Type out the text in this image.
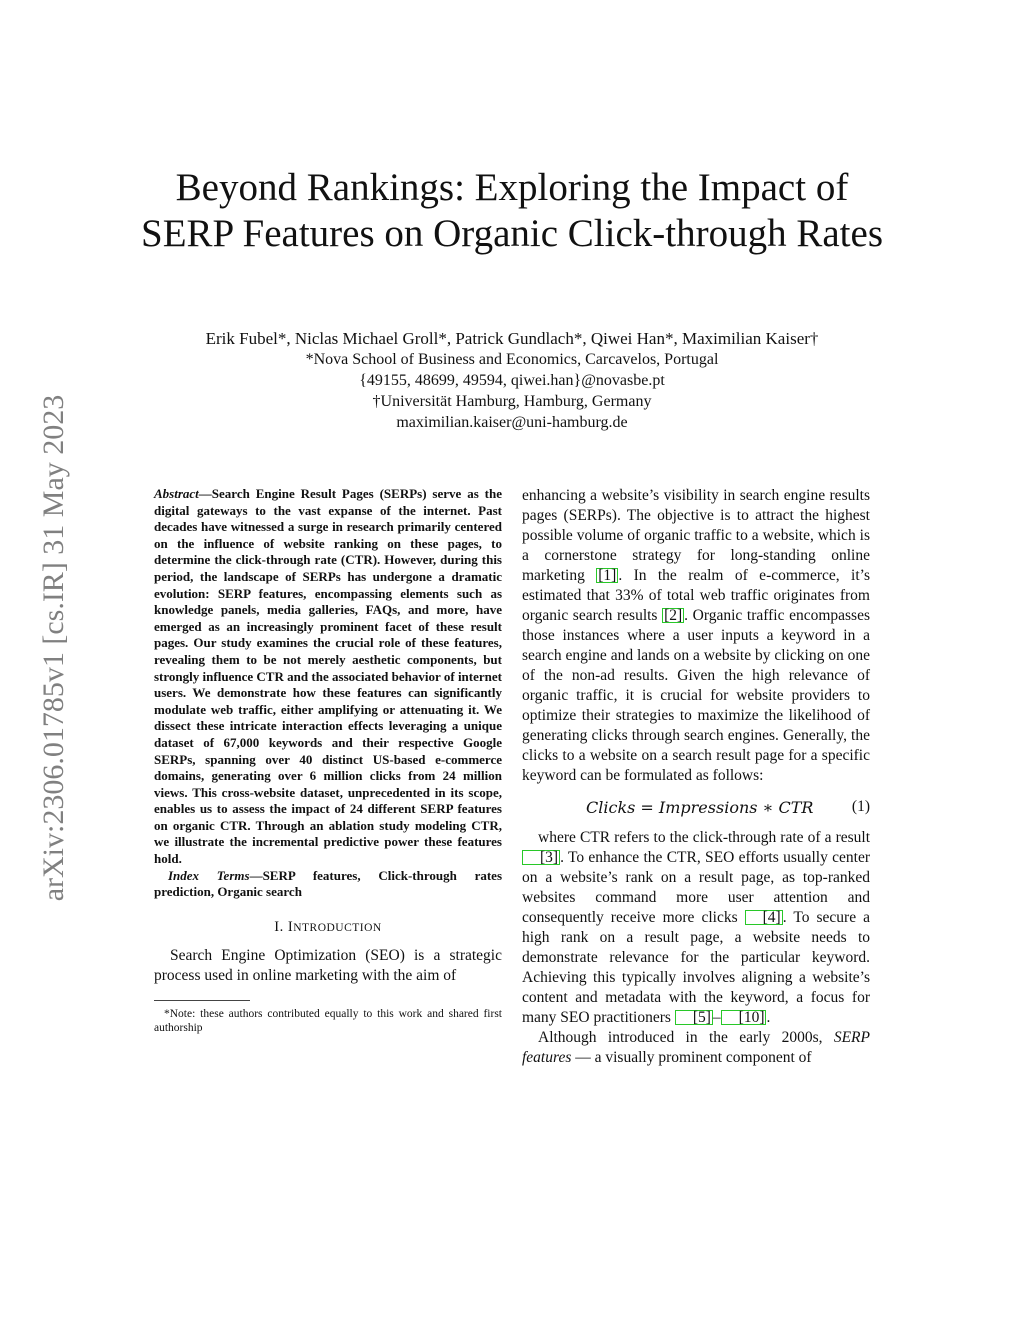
arXiv:2306.01785v1 [cs.IR] 31 May 2023
Beyond Rankings: Exploring the Impact of SERP Features on Organic Click-through Rates
Erik Fubel*, Niclas Michael Groll*, Patrick Gundlach*, Qiwei Han*, Maximilian Kaiser†
*Nova School of Business and Economics, Carcavelos, Portugal
{49155, 48699, 49594, qiwei.han}@novasbe.pt
†Universität Hamburg, Hamburg, Germany
maximilian.kaiser@uni-hamburg.de

Abstract—Search Engine Result Pages (SERPs) serve as the digital gateways to the vast expanse of the internet. Past decades have witnessed a surge in research primarily centered on the influence of website ranking on these pages, to determine the click-through rate (CTR). However, during this period, the landscape of SERPs has undergone a dramatic evolution: SERP features, encompassing elements such as knowledge panels, media galleries, FAQs, and more, have emerged as an increasingly prominent facet of these result pages. Our study examines the crucial role of these features, revealing them to be not merely aesthetic components, but strongly influence CTR and the associated behavior of internet users. We demonstrate how these features can significantly modulate web traffic, either amplifying or attenuating it. We dissect these intricate interaction effects leveraging a unique dataset of 67,000 keywords and their respective Google SERPs, spanning over 40 distinct US-based e-commerce domains, generating over 6 million clicks from 24 million views. This cross-website dataset, unprecedented in its scope, enables us to assess the impact of 24 different SERP features on organic CTR. Through an ablation study modeling CTR, we illustrate the incremental predictive power these features hold.

Index Terms—SERP features, Click-through rates prediction, Organic search

I. INTRODUCTION

Search Engine Optimization (SEO) is a strategic process used in online marketing with the aim of

*Note: these authors contributed equally to this work and shared first authorship

enhancing a website’s visibility in search engine results pages (SERPs). The objective is to attract the highest possible volume of organic traffic to a website, which is a cornerstone strategy for long-standing online marketing [1] . In the realm of e-commerce, it’s estimated that 33% of total web traffic originates from organic search results [2] . Organic traffic encompasses those instances where a user inputs a keyword in a search engine and lands on a website by clicking on one of the non-ad results. Given the high relevance of organic traffic, it is crucial for website providers to optimize their strategies to maximize the likelihood of generating clicks through search engines. Generally, the clicks to a website on a search result page for a specific keyword can be formulated as follows:

Clicks = Impressions ∗ CTR (1)

where CTR refers to the click-through rate of a result [3] . To enhance the CTR, SEO efforts usually center on a website’s rank on a result page, as top-ranked websites command more user attention and consequently receive more clicks [4] . To secure a high rank on a result page, a website needs to demonstrate relevance for the particular keyword. Achieving this typically involves aligning a website’s content and metadata with the keyword, a focus for many SEO practitioners [5] – [10] .

Although introduced in the early 2000s, SERP features — a visually prominent component of
